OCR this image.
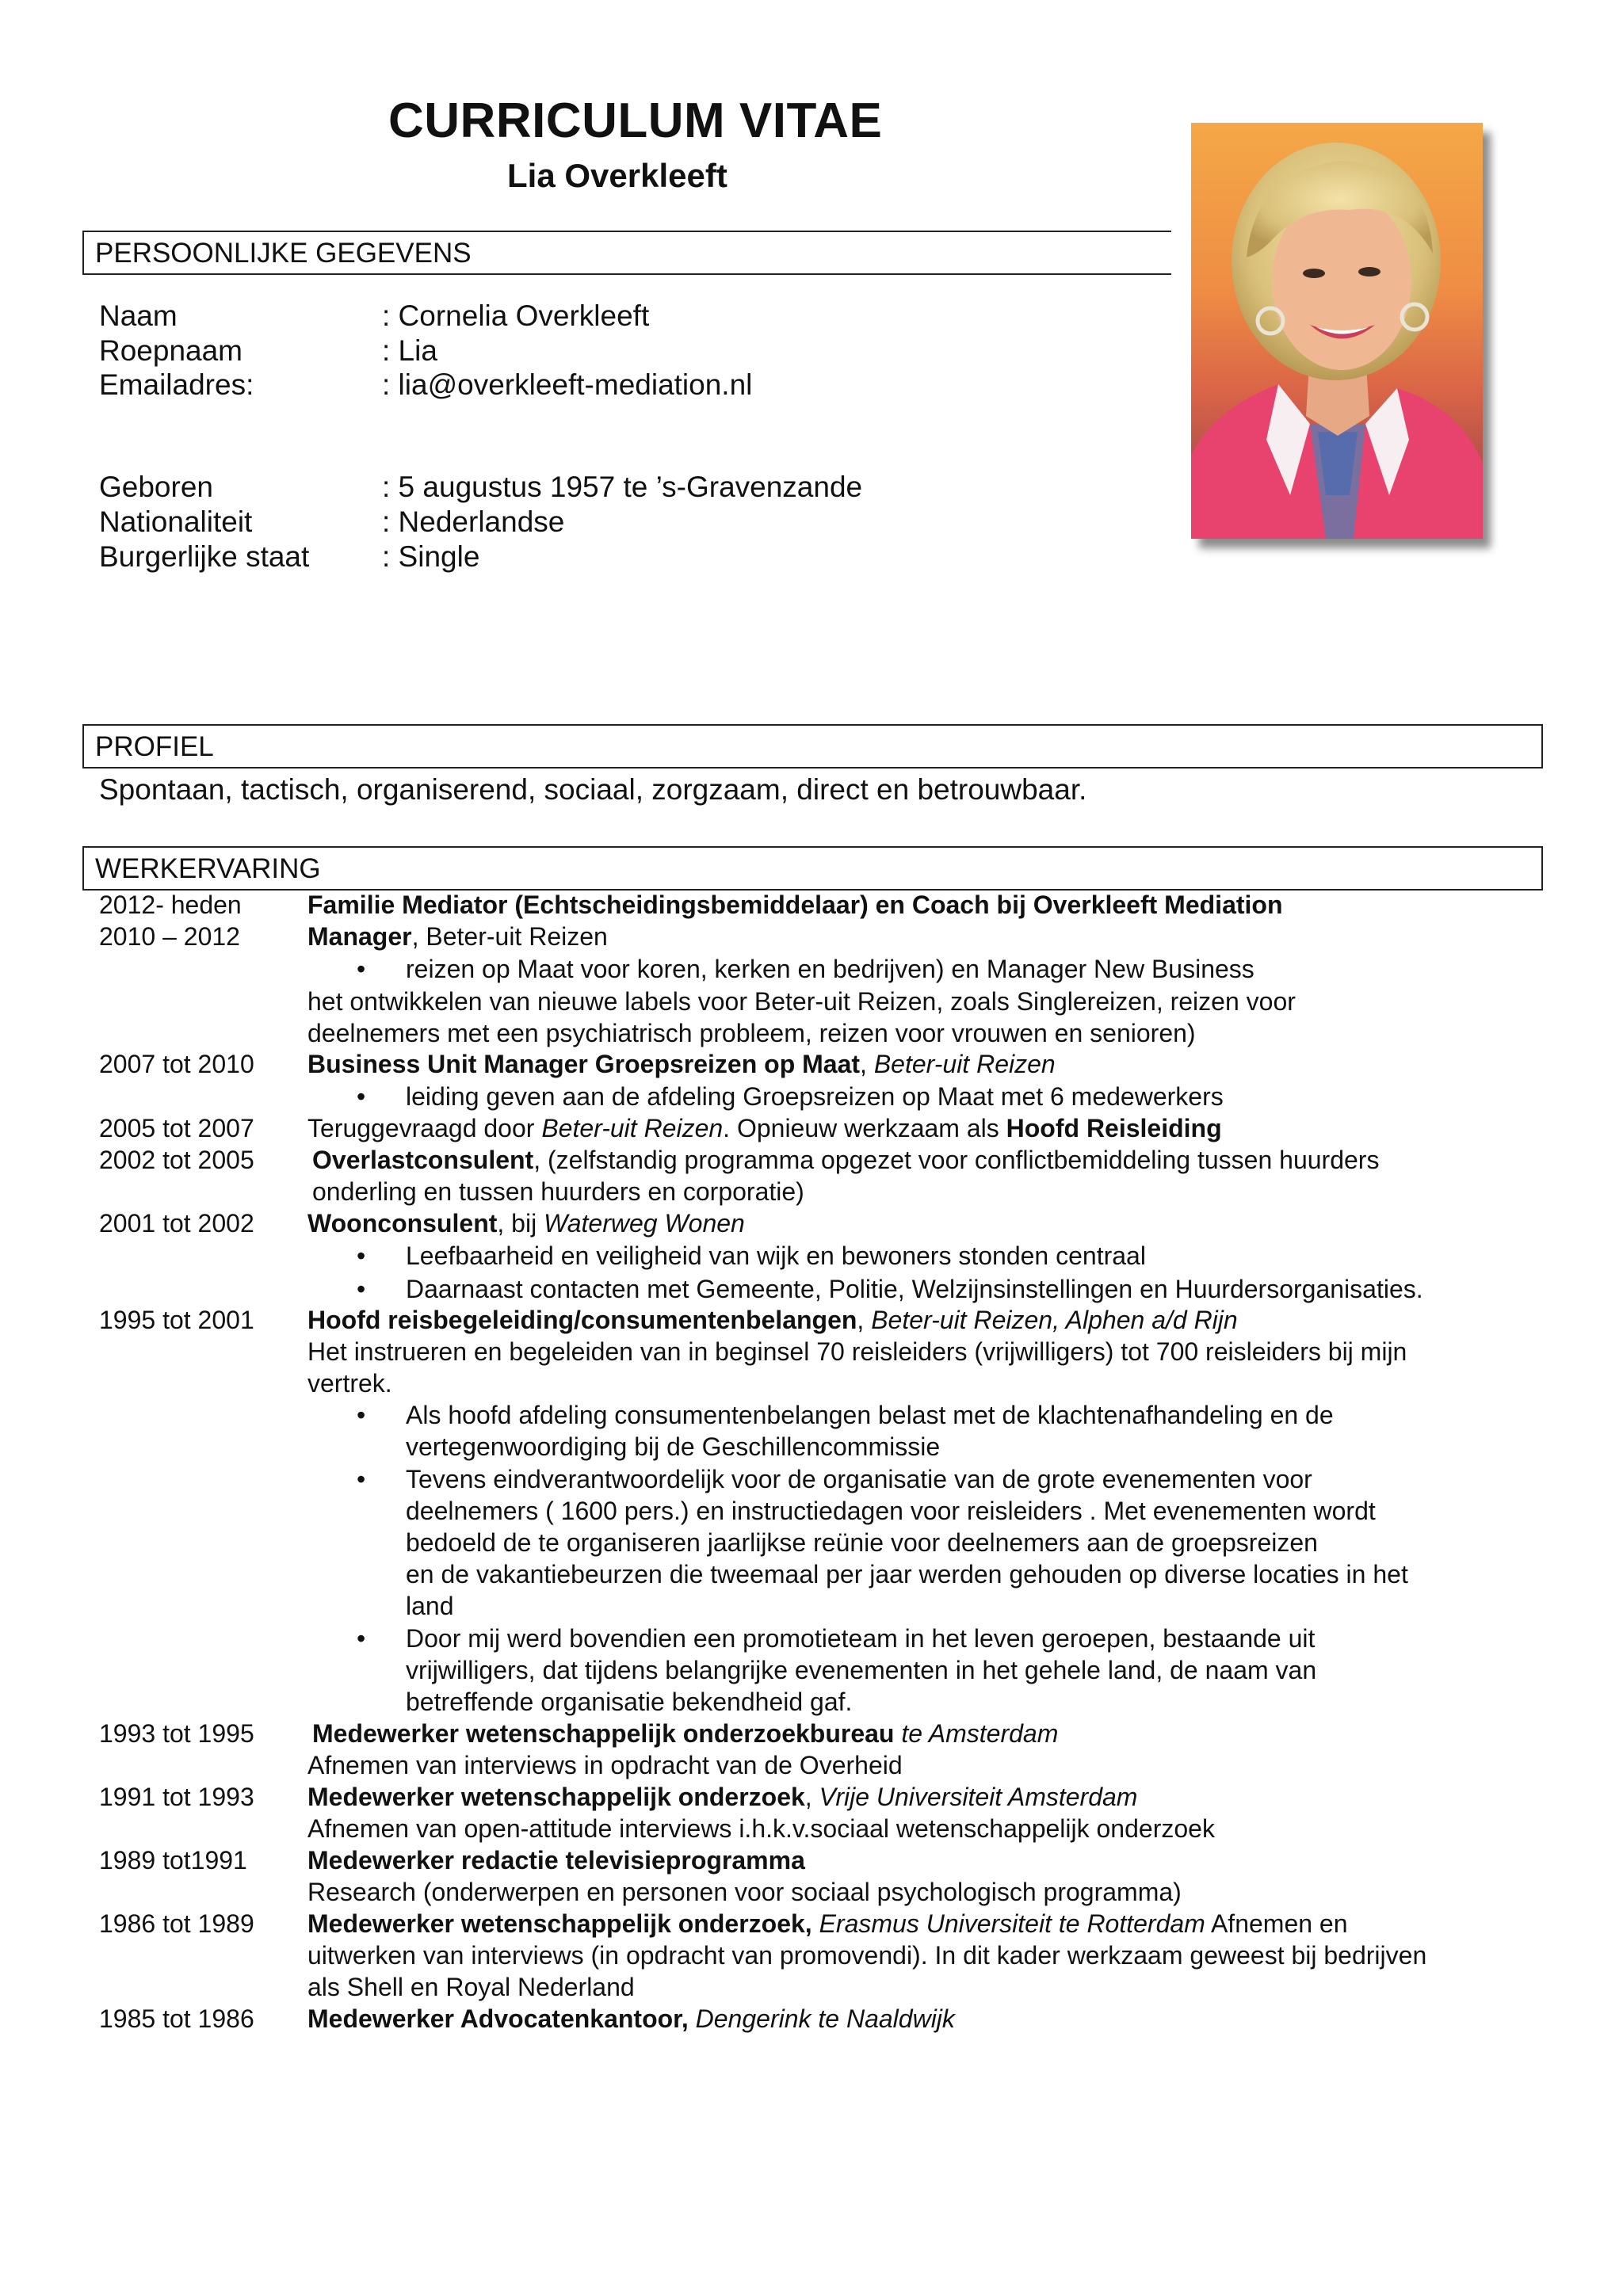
CURRICULUM VITAE
Lia Overkleeft
PERSOONLIJKE GEGEVENS
Naam	: Cornelia Overkleeft
Roepnaam	: Lia
Emailadres:	: lia@overkleeft-mediation.nl
Geboren	: 5 augustus 1957 te ’s-Gravenzande
Nationaliteit	: Nederlandse
Burgerlijke staat : Single
PROFIEL
Spontaan, tactisch, organiserend, sociaal, zorgzaam, direct en betrouwbaar.
WERKERVARING
2012- heden	Familie Mediator (Echtscheidingsbemiddelaar) en Coach bij Overkleeft Mediation
2010 – 2012	Manager, Beter-uit Reizen
• reizen op Maat voor koren, kerken en bedrijven) en Manager New Business
het ontwikkelen van nieuwe labels voor Beter-uit Reizen, zoals Singlereizen, reizen voor
deelnemers met een psychiatrisch probleem, reizen voor vrouwen en senioren)
2007 tot 2010 Business Unit Manager Groepsreizen op Maat, Beter-uit Reizen
• leiding geven aan de afdeling Groepsreizen op Maat met 6 medewerkers
2005 tot 2007 Teruggevraagd door Beter-uit Reizen. Opnieuw werkzaam als Hoofd Reisleiding
2002 tot 2005 Overlastconsulent, (zelfstandig programma opgezet voor conflictbemiddeling tussen huurders
onderling en tussen huurders en corporatie)
2001 tot 2002 Woonconsulent, bij Waterweg Wonen
• Leefbaarheid en veiligheid van wijk en bewoners stonden centraal
• Daarnaast contacten met Gemeente, Politie, Welzijnsinstellingen en Huurdersorganisaties.
1995 tot 2001 Hoofd reisbegeleiding/consumentenbelangen, Beter-uit Reizen, Alphen a/d Rijn
Het instrueren en begeleiden van in beginsel 70 reisleiders (vrijwilligers) tot 700 reisleiders bij mijn
vertrek.
• Als hoofd afdeling consumentenbelangen belast met de klachtenafhandeling en de
vertegenwoordiging bij de Geschillencommissie
• Tevens eindverantwoordelijk voor de organisatie van de grote evenementen voor
deelnemers ( 1600 pers.) en instructiedagen voor reisleiders . Met evenementen wordt
bedoeld de te organiseren jaarlijkse reünie voor deelnemers aan de groepsreizen
en de vakantiebeurzen die tweemaal per jaar werden gehouden op diverse locaties in het
land
• Door mij werd bovendien een promotieteam in het leven geroepen, bestaande uit
vrijwilligers, dat tijdens belangrijke evenementen in het gehele land, de naam van
betreffende organisatie bekendheid gaf.
1993 tot 1995 Medewerker wetenschappelijk onderzoekbureau te Amsterdam
Afnemen van interviews in opdracht van de Overheid
1991 tot 1993 Medewerker wetenschappelijk onderzoek, Vrije Universiteit Amsterdam
Afnemen van open-attitude interviews i.h.k.v.sociaal wetenschappelijk onderzoek
1989 tot1991 Medewerker redactie televisieprogramma
Research (onderwerpen en personen voor sociaal psychologisch programma)
1986 tot 1989 Medewerker wetenschappelijk onderzoek, Erasmus Universiteit te Rotterdam Afnemen en
uitwerken van interviews (in opdracht van promovendi). In dit kader werkzaam geweest bij bedrijven
als Shell en Royal Nederland
1985 tot 1986 Medewerker Advocatenkantoor, Dengerink te Naaldwijk
